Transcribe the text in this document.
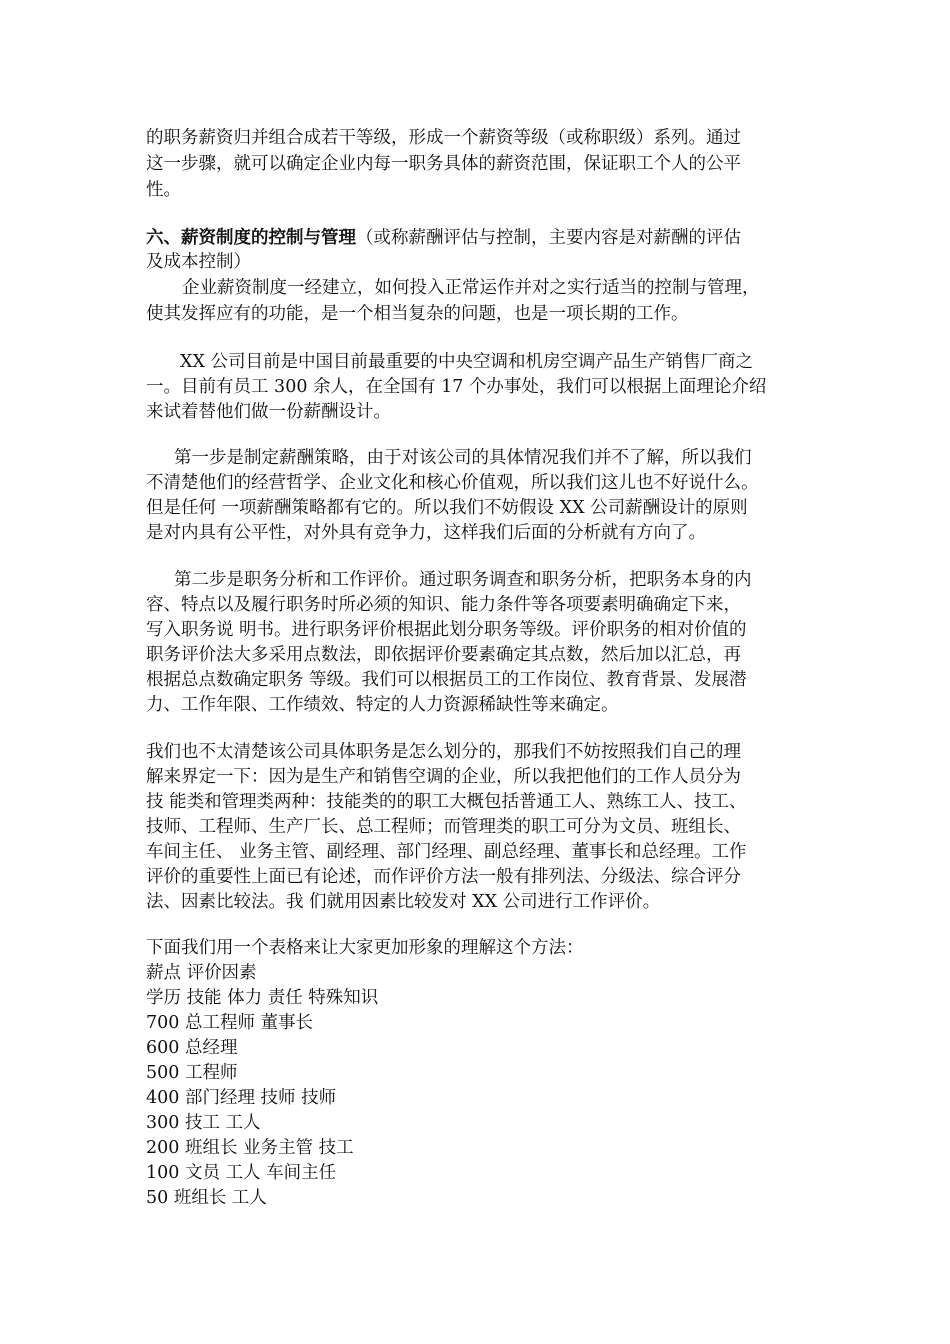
的职务薪资归并组合成若干等级，形成一个薪资等级（或称职级）系列。通过
这一步骤，就可以确定企业内每一职务具体的薪资范围，保证职工个人的公平
性。
六、薪资制度的控制与管理（或称薪酬评估与控制，主要内容是对薪酬的评估
及成本控制）
企业薪资制度一经建立，如何投入正常运作并对之实行适当的控制与管理，
使其发挥应有的功能，是一个相当复杂的问题，也是一项长期的工作。
XX 公司目前是中国目前最重要的中央空调和机房空调产品生产销售厂商之
一。目前有员工 300 余人，在全国有 17 个办事处，我们可以根据上面理论介绍
来试着替他们做一份薪酬设计。
第一步是制定薪酬策略，由于对该公司的具体情况我们并不了解，所以我们
不清楚他们的经营哲学、企业文化和核心价值观，所以我们这儿也不好说什么。
但是任何 一项薪酬策略都有它的。所以我们不妨假设 XX 公司薪酬设计的原则
是对内具有公平性，对外具有竞争力，这样我们后面的分析就有方向了。
第二步是职务分析和工作评价。通过职务调查和职务分析，把职务本身的内
容、特点以及履行职务时所必须的知识、能力条件等各项要素明确确定下来，
写入职务说 明书。进行职务评价根据此划分职务等级。评价职务的相对价值的
职务评价法大多采用点数法，即依据评价要素确定其点数，然后加以汇总，再
根据总点数确定职务 等级。我们可以根据员工的工作岗位、教育背景、发展潜
力、工作年限、工作绩效、特定的人力资源稀缺性等来确定。
我们也不太清楚该公司具体职务是怎么划分的，那我们不妨按照我们自己的理
解来界定一下：因为是生产和销售空调的企业，所以我把他们的工作人员分为
技 能类和管理类两种：技能类的的职工大概包括普通工人、熟练工人、技工、
技师、工程师、生产厂长、总工程师；而管理类的职工可分为文员、班组长、
车间主任、 业务主管、副经理、部门经理、副总经理、董事长和总经理。工作
评价的重要性上面已有论述，而作评价方法一般有排列法、分级法、综合评分
法、因素比较法。我 们就用因素比较发对 XX 公司进行工作评价。
下面我们用一个表格来让大家更加形象的理解这个方法：
薪点 评价因素
学历 技能 体力 责任 特殊知识
700 总工程师 董事长
600 总经理
500 工程师
400 部门经理 技师 技师
300 技工 工人
200 班组长 业务主管 技工
100 文员 工人 车间主任
50 班组长 工人
